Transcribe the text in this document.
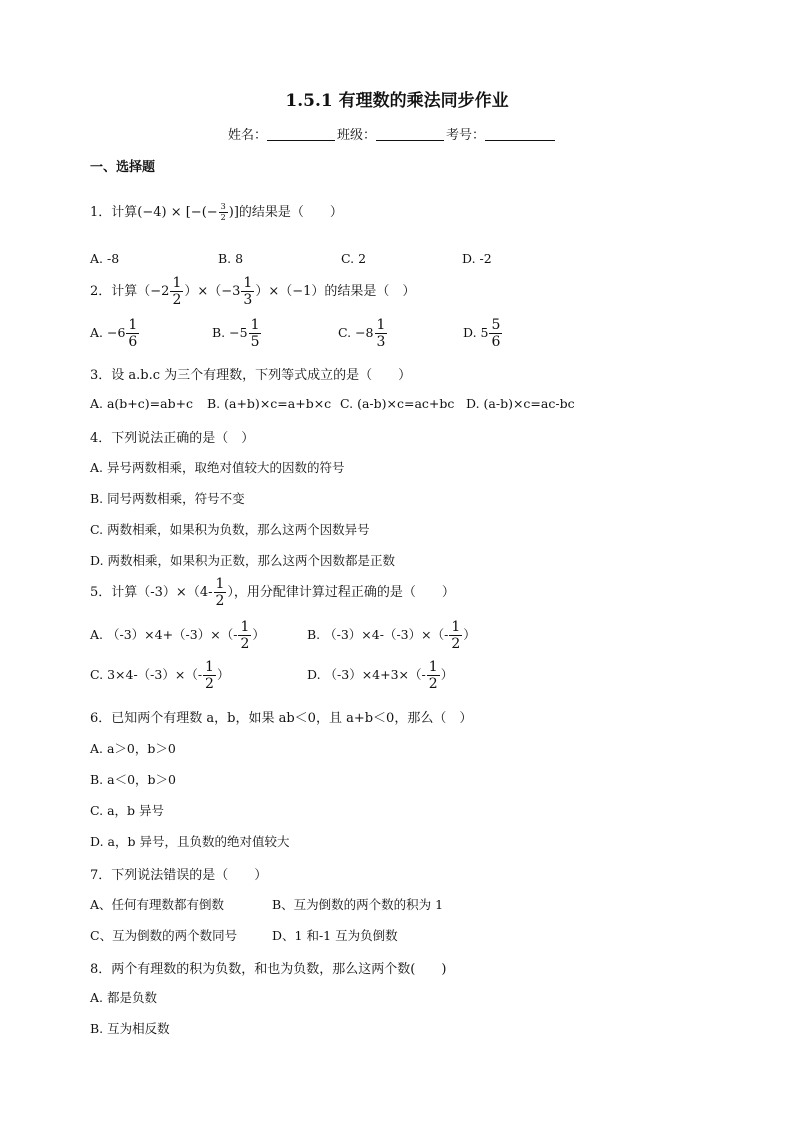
1.5.1 有理数的乘法同步作业
姓名：	班级：	考号：
一、选择题
1．计算(−4) × [−(− $\frac{3}{2}$ )]的结果是（　　）
A. -8	B. 8	C. 2	D. -2
2．计算$(-2 \frac{1}{2} )\times(-3 \frac{1}{3} )\times(-1)$的结果是（　）
A. $-6 \frac{1}{6}$	B. $-5 \frac{1}{5}$	C. $-8 \frac{1}{3}$	D. $5 \frac{5}{6}$
3．设 a.b.c 为三个有理数，下列等式成立的是（　　）
A. a(b+c)=ab+c B. (a+b)×c=a+b×c C. (a-b)×c=ac+bc D. (a-b)×c=ac-bc
4．下列说法正确的是（　）
A. 异号两数相乘，取绝对值较大的因数的符号
B. 同号两数相乘，符号不变
C. 两数相乘，如果积为负数，那么这两个因数异号
D. 两数相乘，如果积为正数，那么这两个因数都是正数
5．计算$(-3)\times(4- \frac{1}{2}$ ），用分配律计算过程正确的是（　　）
A. $(-3)\times 4+(-3)\times(- \frac{1}{2}$ ）	B. $(-3)\times 4-(-3)\times(- \frac{1}{2}$ ）
C. $3\times 4-(-3)\times(- \frac{1}{2}$ ）	D. $(-3)\times 4+3\times(- \frac{1}{2}$ ）
6．已知两个有理数 a，b，如果 ab＜0，且 a+b＜0，那么（　）
A. a＞0，b＞0
B. a＜0，b＞0
C. a，b 异号
D. a，b 异号，且负数的绝对值较大
7．下列说法错误的是（　　）
A、任何有理数都有倒数	B、互为倒数的两个数的积为 1
C、互为倒数的两个数同号	D、1 和-1 互为负倒数
8．两个有理数的积为负数，和也为负数，那么这两个数(　　)
A. 都是负数
B. 互为相反数
